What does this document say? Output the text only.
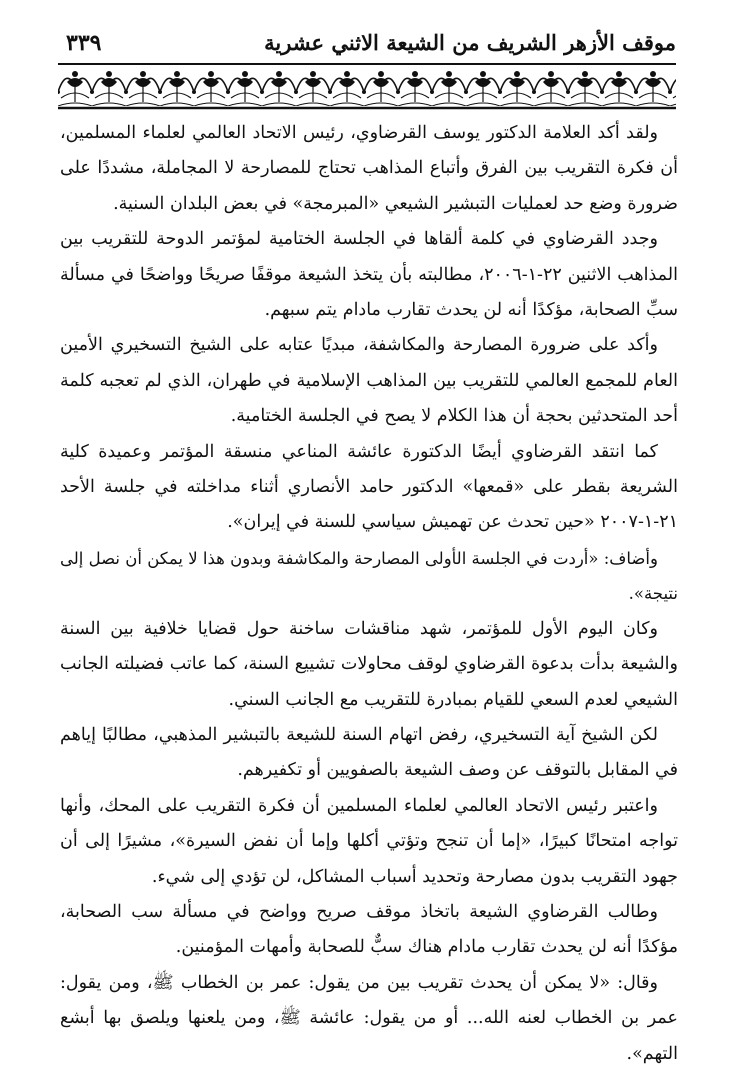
موقف الأزهر الشريف من الشيعة الاثني عشرية
٣٣٩

ولقد أكد العلامة الدكتور يوسف القرضاوي، رئيس الاتحاد العالمي لعلماء المسلمين، أن فكرة التقريب بين الفرق وأتباع المذاهب تحتاج للمصارحة لا المجاملة، مشددًا على ضرورة وضع حد لعمليات التبشير الشيعي «المبرمجة» في بعض البلدان السنية.

وجدد القرضاوي في كلمة ألقاها في الجلسة الختامية لمؤتمر الدوحة للتقريب بين المذاهب الاثنين ٢٢-١-٢٠٠٦، مطالبته بأن يتخذ الشيعة موقفًا صريحًا وواضحًا في مسألة سبِّ الصحابة، مؤكدًا أنه لن يحدث تقارب مادام يتم سبهم.

وأكد على ضرورة المصارحة والمكاشفة، مبديًا عتابه على الشيخ التسخيري الأمين العام للمجمع العالمي للتقريب بين المذاهب الإسلامية في طهران، الذي لم تعجبه كلمة أحد المتحدثين بحجة أن هذا الكلام لا يصح في الجلسة الختامية.

كما انتقد القرضاوي أيضًا الدكتورة عائشة المناعي منسقة المؤتمر وعميدة كلية الشريعة بقطر على «قمعها» الدكتور حامد الأنصاري أثناء مداخلته في جلسة الأحد ٢١-١-٢٠٠٧ «حين تحدث عن تهميش سياسي للسنة في إيران».

وأضاف: «أردت في الجلسة الأولى المصارحة والمكاشفة وبدون هذا لا يمكن أن نصل إلى نتيجة».

وكان اليوم الأول للمؤتمر، شهد مناقشات ساخنة حول قضايا خلافية بين السنة والشيعة بدأت بدعوة القرضاوي لوقف محاولات تشييع السنة، كما عاتب فضيلته الجانب الشيعي لعدم السعي للقيام بمبادرة للتقريب مع الجانب السني.

لكن الشيخ آية التسخيري، رفض اتهام السنة للشيعة بالتبشير المذهبي، مطالبًا إياهم في المقابل بالتوقف عن وصف الشيعة بالصفويين أو تكفيرهم.

واعتبر رئيس الاتحاد العالمي لعلماء المسلمين أن فكرة التقريب على المحك، وأنها تواجه امتحانًا كبيرًا، «إما أن تنجح وتؤتي أكلها وإما أن نفض السيرة»، مشيرًا إلى أن جهود التقريب بدون مصارحة وتحديد أسباب المشاكل، لن تؤدي إلى شيء.

وطالب القرضاوي الشيعة باتخاذ موقف صريح وواضح في مسألة سب الصحابة، مؤكدًا أنه لن يحدث تقارب مادام هناك سبٌّ للصحابة وأمهات المؤمنين.

وقال: «لا يمكن أن يحدث تقريب بين من يقول: عمر بن الخطاب ﷺ، ومن يقول: عمر بن الخطاب لعنه الله... أو من يقول: عائشة ﷺ، ومن يلعنها ويلصق بها أبشع التهم».
